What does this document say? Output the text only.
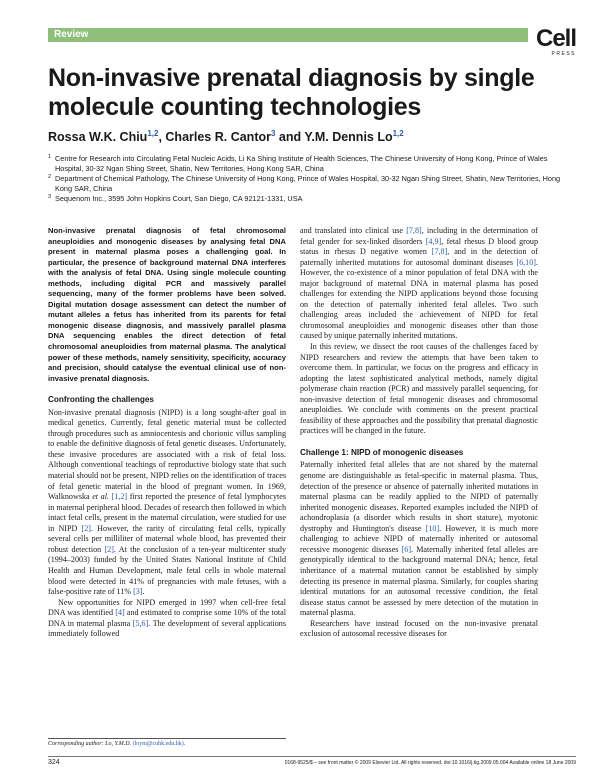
Review	Cell
PRESS
Non-invasive prenatal diagnosis by single molecule counting technologies
Rossa W.K. Chiu$^{1,2}$, Charles R. Cantor$^3$ and Y.M. Dennis Lo$^{1,2}$
1 Centre for Research into Circulating Fetal Nucleic Acids, Li Ka Shing Institute of Health Sciences, The Chinese University of Hong Kong, Prince of Wales Hospital, 30-32 Ngan Shing Street, Shatin, New Territories, Hong Kong SAR, China
2 Department of Chemical Pathology, The Chinese University of Hong Kong, Prince of Wales Hospital, 30-32 Ngan Shing Street, Shatin, New Territories, Hong Kong SAR, China
3 Sequenom Inc., 3595 John Hopkins Court, San Diego, CA 92121-1331, USA

Non-invasive prenatal diagnosis of fetal chromosomal aneuploidies and monogenic diseases by analysing fetal DNA present in maternal plasma poses a challenging goal. In particular, the presence of background maternal DNA interferes with the analysis of fetal DNA. Using single molecule counting methods, including digital PCR and massively parallel sequencing, many of the former problems have been solved. Digital mutation dosage assessment can detect the number of mutant alleles a fetus has inherited from its parents for fetal monogenic disease diagnosis, and massively parallel plasma DNA sequencing enables the direct detection of fetal chromosomal aneuploidies from maternal plasma. The analytical power of these methods, namely sensitivity, specificity, accuracy and precision, should catalyse the eventual clinical use of non-invasive prenatal diagnosis.

Confronting the challenges

Non-invasive prenatal diagnosis (NIPD) is a long sought-after goal in medical genetics. Currently, fetal genetic material must be collected through procedures such as amniocentesis and chorionic villus sampling to enable the definitive diagnosis of fetal genetic diseases. Unfortunately, these invasive procedures are associated with a risk of fetal loss. Although conventional teachings of reproductive biology state that such material should not be present, NIPD relies on the identification of traces of fetal genetic material in the blood of pregnant women. In 1969, Walknowska et al. [1,2] first reported the presence of fetal lymphocytes in maternal peripheral blood. Decades of research then followed in which intact fetal cells, present in the maternal circulation, were studied for use in NIPD [2]. However, the rarity of circulating fetal cells, typically several cells per milliliter of maternal whole blood, has prevented their robust detection [2]. At the conclusion of a ten-year multicenter study (1994–2003) funded by the United States National Institute of Child Health and Human Development, male fetal cells in whole maternal blood were detected in 41% of pregnancies with male fetuses, with a false-positive rate of 11% [3].

New opportunities for NIPD emerged in 1997 when cell-free fetal DNA was identified [4] and estimated to comprise some 10% of the total DNA in maternal plasma [5,6]. The development of several applications immediately followed

and translated into clinical use [7,8], including in the determination of fetal gender for sex-linked disorders [4,9], fetal rhesus D blood group status in rhesus D negative women [7,8], and in the detection of paternally inherited mutations for autosomal dominant diseases [6,10]. However, the co-existence of a minor population of fetal DNA with the major background of maternal DNA in maternal plasma has posed challenges for extending the NIPD applications beyond those focusing on the detection of paternally inherited fetal alleles. Two such challenging areas included the achievement of NIPD for fetal chromosomal aneuploidies and monogenic diseases other than those caused by unique paternally inherited mutations.

In this review, we dissect the root causes of the challenges faced by NIPD researchers and review the attempts that have been taken to overcome them. In particular, we focus on the progress and efficacy in adopting the latest sophisticated analytical methods, namely digital polymerase chain reaction (PCR) and massively parallel sequencing, for non-invasive detection of fetal monogenic diseases and chromosomal aneuploidies. We conclude with comments on the present practical feasibility of these approaches and the possibility that prenatal diagnostic practices will be changed in the future.

Challenge 1: NIPD of monogenic diseases

Paternally inherited fetal alleles that are not shared by the maternal genome are distinguishable as fetal-specific in maternal plasma. Thus, detection of the presence or absence of paternally inherited mutations in maternal plasma can be readily applied to the NIPD of paternally inherited monogenic diseases. Reported examples included the NIPD of achondroplasia (a disorder which results in short stature), myotonic dystrophy and Huntington's disease [10]. However, it is much more challenging to achieve NIPD of maternally inherited or autosomal recessive monogenic diseases [6]. Maternally inherited fetal alleles are genotypically identical to the background maternal DNA; hence, fetal inheritance of a maternal mutation cannot be established by simply detecting its presence in maternal plasma. Similarly, for couples sharing identical mutations for an autosomal recessive condition, the fetal disease status cannot be assessed by mere detection of the mutation in maternal plasma.

Researchers have instead focused on the non-invasive prenatal exclusion of autosomal recessive diseases for

Corresponding author: Lo, Y.M.D. (loym@cuhk.edu.hk).
324	0168-9525/$ – see front matter © 2009 Elsevier Ltd. All rights reserved. doi:10.1016/j.tig.2009.05.004 Available online 18 June 2009
